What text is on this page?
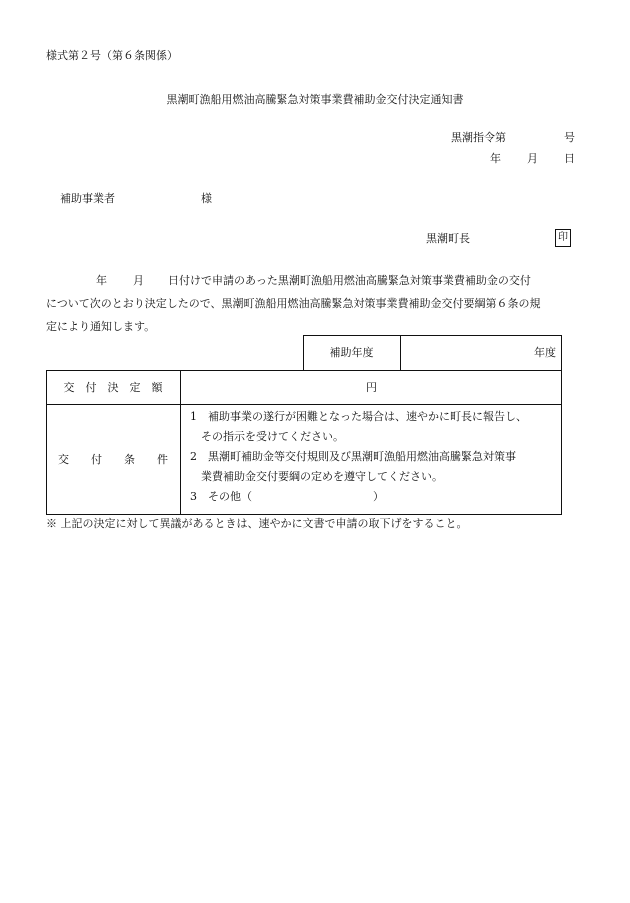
様式第２号（第６条関係）
黒潮町漁船用燃油高騰緊急対策事業費補助金交付決定通知書
黒潮指令第	号
年 月 日
補助事業者	様
黒潮町長	印
年 月 日付けで申請のあった黒潮町漁船用燃油高騰緊急対策事業費補助金の交付
について次のとおり決定したので、黒潮町漁船用燃油高騰緊急対策事業費補助金交付要綱第６条の規
定により通知します。
補助年度	年度
交　付　決　定　額	円
交　　付　　条　　件
1　補助事業の遂行が困難となった場合は、速やかに町長に報告し、
　その指示を受けてください。
2　黒潮町補助金等交付規則及び黒潮町漁船用燃油高騰緊急対策事
　業費補助金交付要綱の定めを遵守してください。
3　その他（　　　　　　　　　　　）
※ 上記の決定に対して異議があるときは、速やかに文書で申請の取下げをすること。
